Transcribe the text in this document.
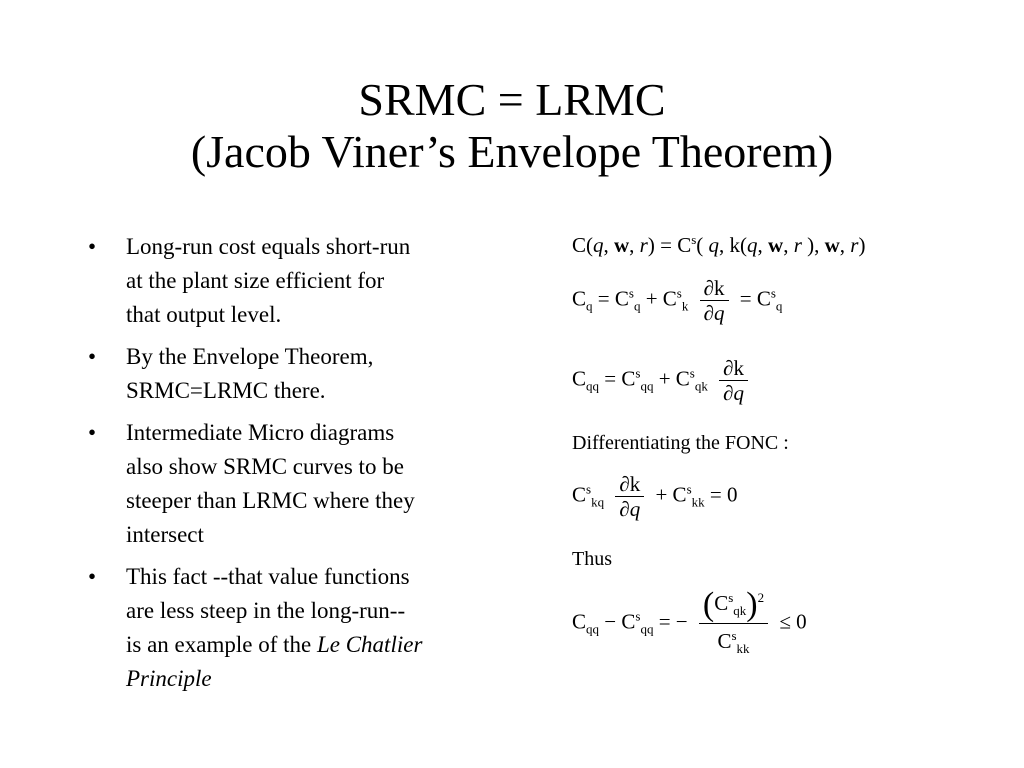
SRMC = LRMC
(Jacob Viner’s Envelope Theorem)
• Long-run cost equals short-run
at the plant size efficient for
that output level.
• By the Envelope Theorem,
SRMC=LRMC there.
• Intermediate Micro diagrams
also show SRMC curves to be
steeper than LRMC where they
intersect
• This fact --that value functions
are less steep in the long-run--
is an example of the Le Chatlier
Principle
C(q, w, $r) = C^s$( q, k(q, w, r ), w, r)
$C_q = C^s_q + C^s_k \frac{\partial k}{\partial q} = C^s_q$
$C_{qq} = C^s_{qq} + C^s_{qk} \frac{\partial k}{\partial q}$
Differentiating the FONC :
$C^s_{kq} \frac{\partial k}{\partial q} + C^s_{kk} = 0$
Thus
$C_{qq} - C^s_{qq}$ = − $\frac{(C^s_{qk})^2}{C^s_{kk}} \le 0$
